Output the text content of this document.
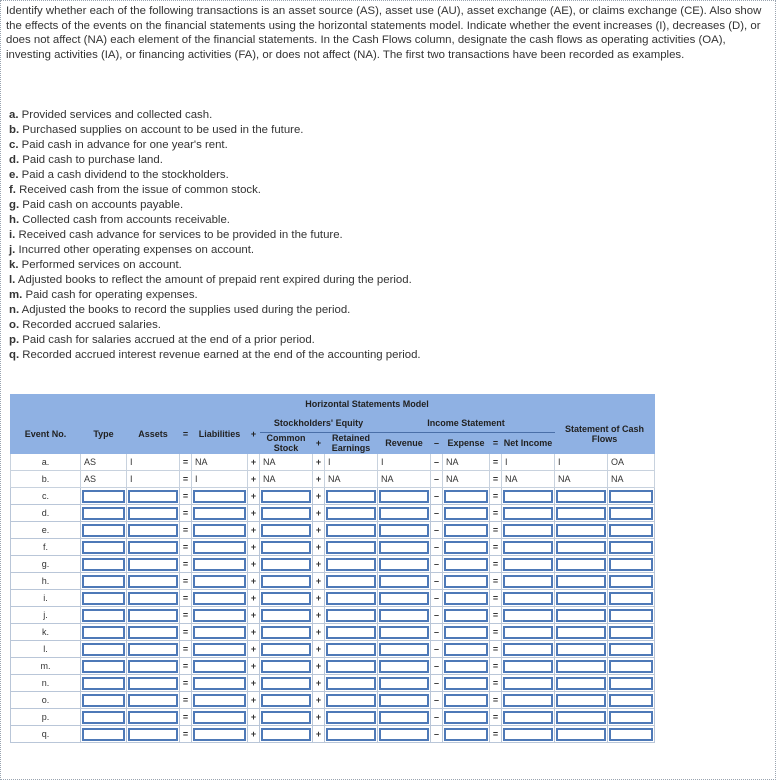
Identify whether each of the following transactions is an asset source (AS), asset use (AU), asset exchange (AE), or claims exchange (CE). Also show the effects of the events on the financial statements using the horizontal statements model. Indicate whether the event increases (I), decreases (D), or does not affect (NA) each element of the financial statements. In the Cash Flows column, designate the cash flows as operating activities (OA), investing activities (IA), or financing activities (FA), or does not affect (NA). The first two transactions have been recorded as examples.

a. Provided services and collected cash.
b. Purchased supplies on account to be used in the future.
c. Paid cash in advance for one year's rent.
d. Paid cash to purchase land.
e. Paid a cash dividend to the stockholders.
f. Received cash from the issue of common stock.
g. Paid cash on accounts payable.
h. Collected cash from accounts receivable.
i. Received cash advance for services to be provided in the future.
j. Incurred other operating expenses on account.
k. Performed services on account.
l. Adjusted books to reflect the amount of prepaid rent expired during the period.
m. Paid cash for operating expenses.
n. Adjusted the books to record the supplies used during the period.
o. Recorded accrued salaries.
p. Paid cash for salaries accrued at the end of a prior period.
q. Recorded accrued interest revenue earned at the end of the accounting period.
			Horizontal Statements Model												
Event No.	Type	Assets	=	Liabilities	+	Stockholders' Equity			Income Statement					Statement of Cash Flows	
						Common Stock	+	Retained Earnings	Revenue	–	Expense	=	Net Income		

a.	AS	I	=	NA	+	NA	+	I	I	–	NA	=	I	I	OA
b.	AS	I	=	I	+	NA	+	NA	NA	–	NA	=	NA	NA	NA
c.			=		+		+			–		=	

d.			=		+		+			–		=	

e.			=		+		+			–		=	

f.			=		+		+			–		=	

g.			=		+		+			–		=	

h.			=		+		+			–		=	

i.			=		+		+			–		=	

j.			=		+		+			–		=	

k.			=		+		+			–		=	

l.			=		+		+			–		=	

m.			=		+		+			–		=	

n.			=		+		+			–		=	

o.			=		+		+			–		=	

p.			=		+		+			–		=	

q.			=		+		+			–		=	
